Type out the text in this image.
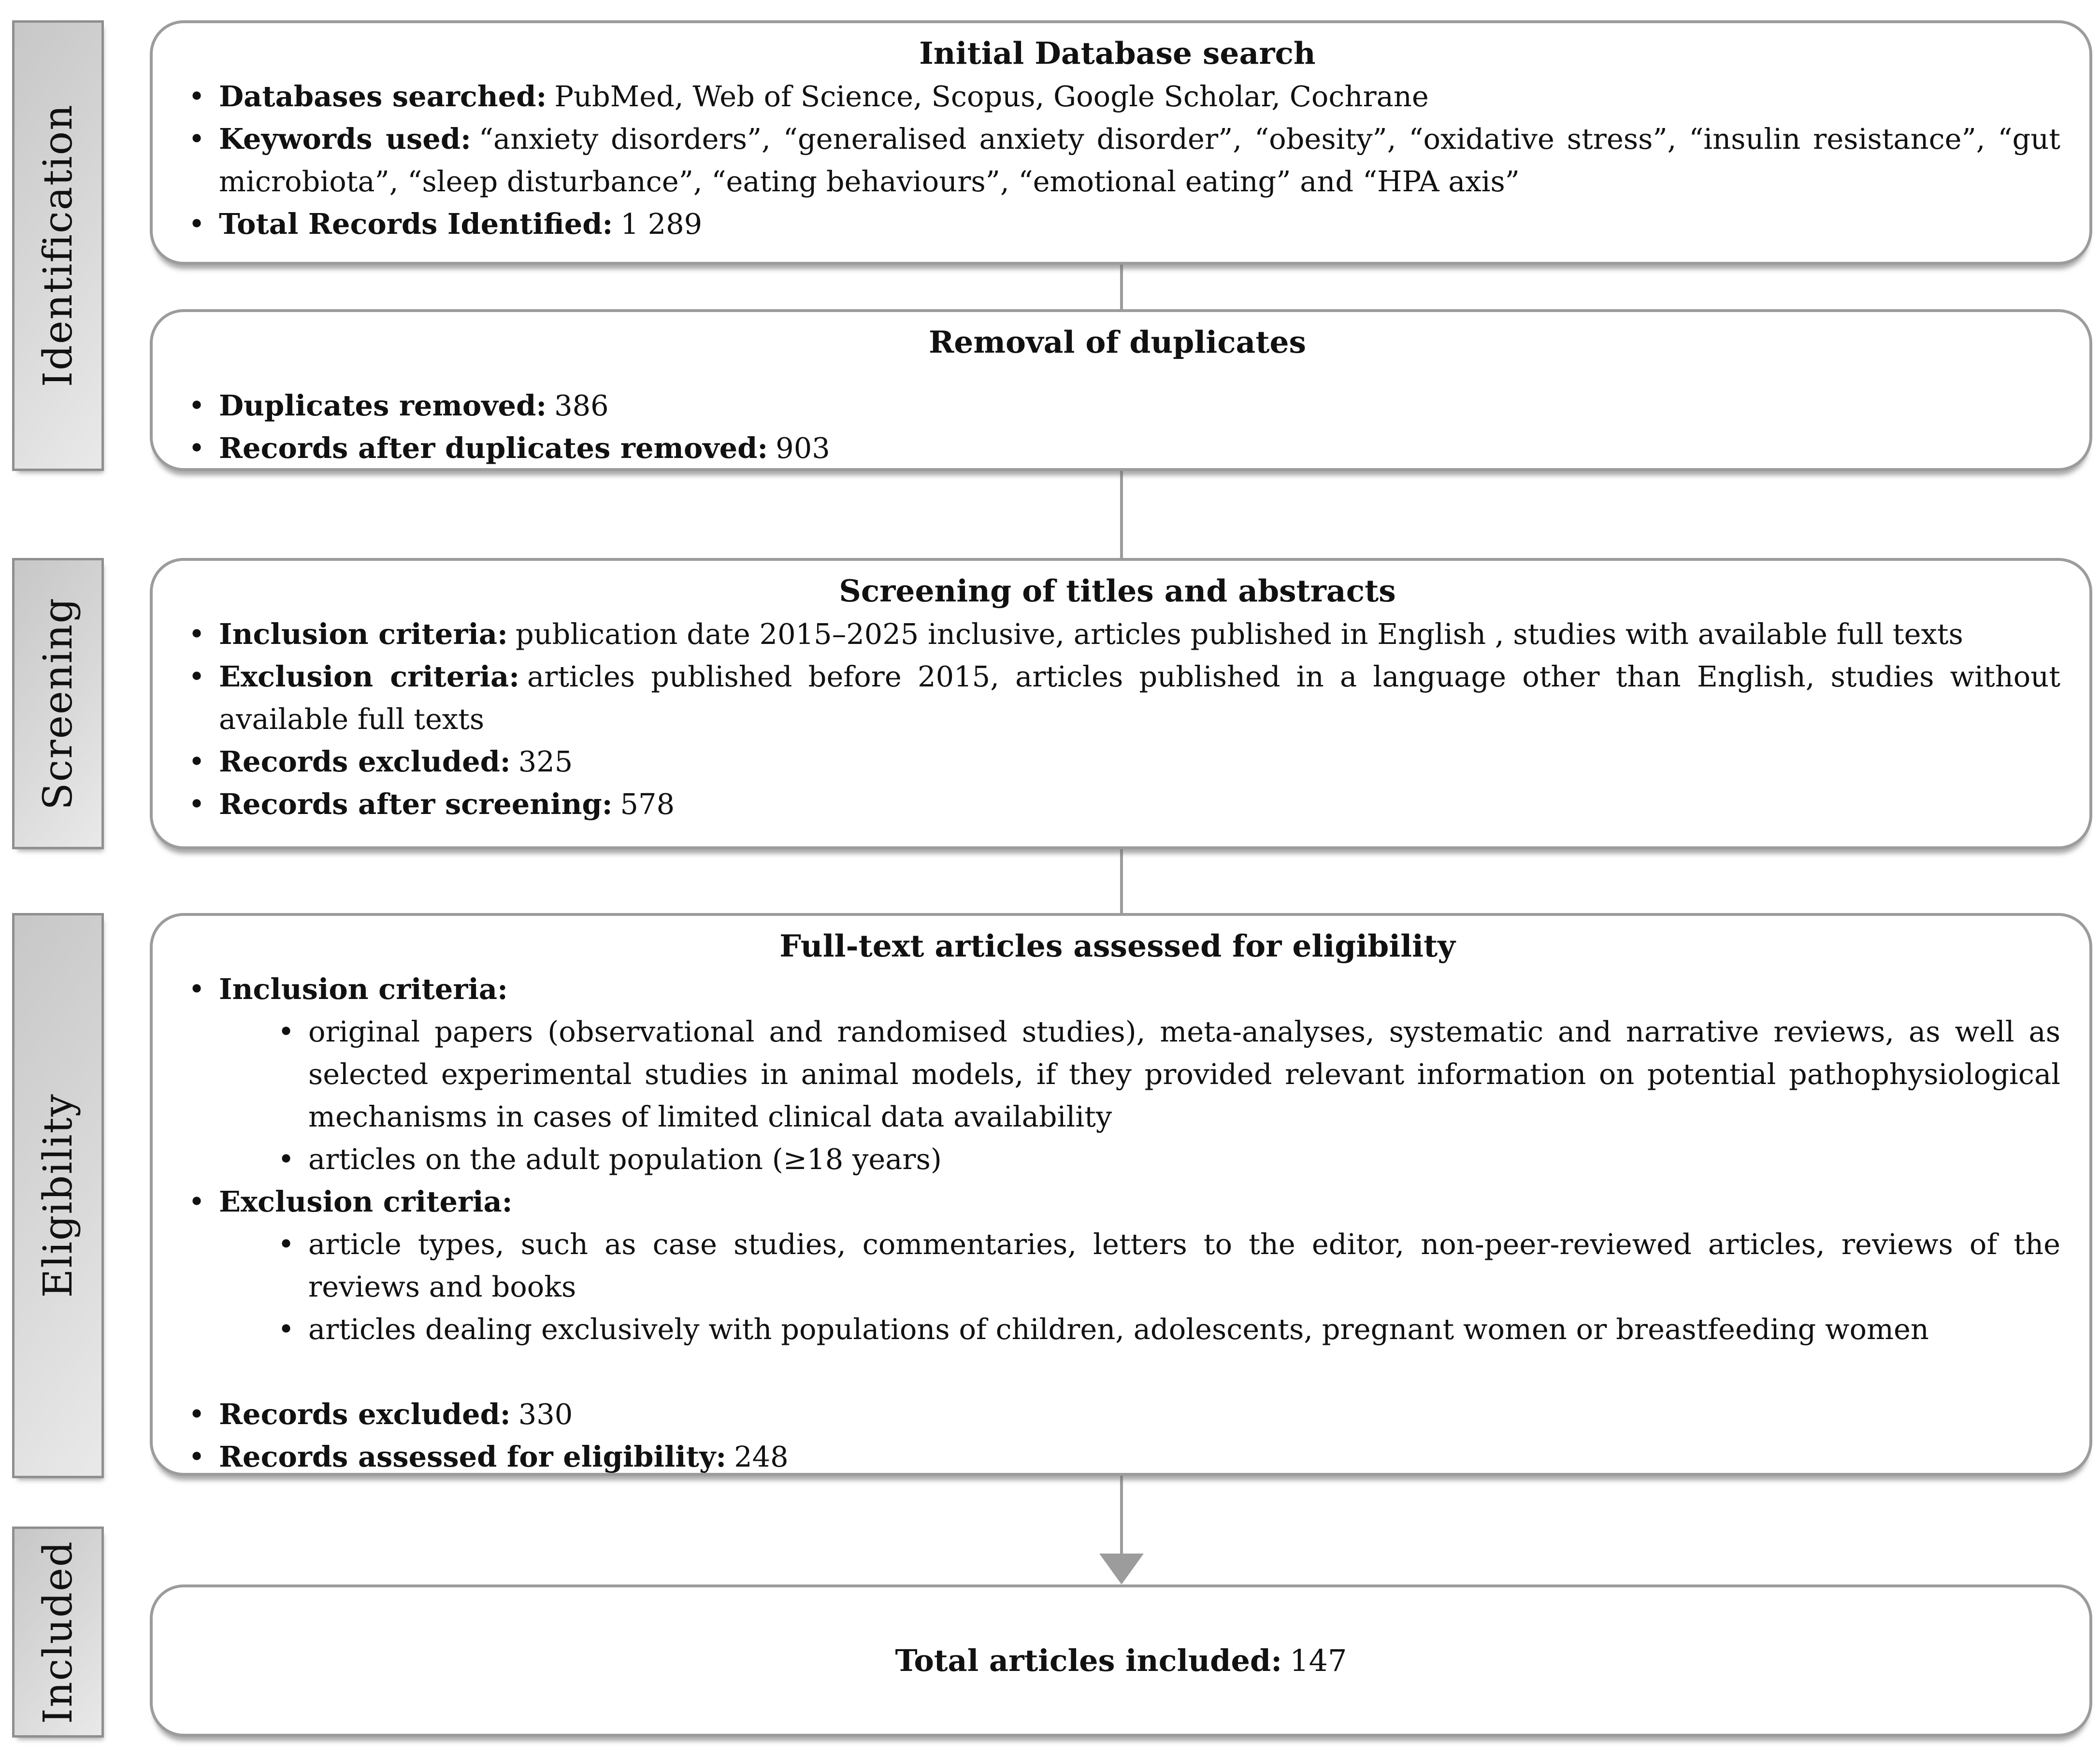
Identification
Screening
Eligibility
Included
Initial Database search
• Databases searched: PubMed, Web of Science, Scopus, Google Scholar, Cochrane
• Keywords used: “anxiety disorders”, “generalised anxiety disorder”, “obesity”, “oxidative stress”, “insulin resistance”, “gut microbiota”, “sleep disturbance”, “eating behaviours”, “emotional eating” and “HPA axis”
• Total Records Identified: 1 289
Removal of duplicates
• Duplicates removed: 386
• Records after duplicates removed: 903
Screening of titles and abstracts
• Inclusion criteria: publication date 2015–2025 inclusive, articles published in English , studies with available full texts
• Exclusion criteria: articles published before 2015, articles published in a language other than English, studies without available full texts
• Records excluded: 325
• Records after screening: 578
Full-text articles assessed for eligibility
• Inclusion criteria:
• original papers (observational and randomised studies), meta-analyses, systematic and narrative reviews, as well as selected experimental studies in animal models, if they provided relevant information on potential pathophysiological mechanisms in cases of limited clinical data availability
• articles on the adult population (≥18 years)
• Exclusion criteria:
• article types, such as case studies, commentaries, letters to the editor, non-peer-reviewed articles, reviews of the reviews and books
• articles dealing exclusively with populations of children, adolescents, pregnant women or breastfeeding women
• Records excluded: 330
• Records assessed for eligibility: 248
Total articles included: 147
